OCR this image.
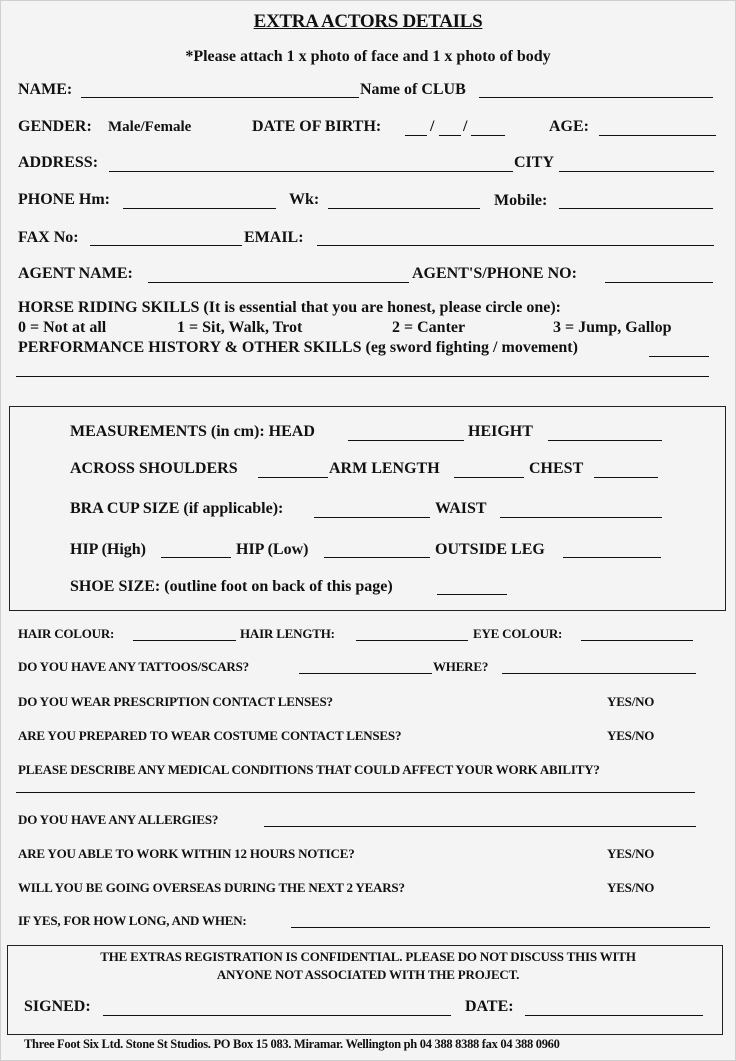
EXTRA ACTORS DETAILS
*Please attach 1 x photo of face and 1 x photo of body
NAME:	Name of CLUB
GENDER: Male/Female	DATE OF BIRTH:	/ /	AGE:
ADDRESS:	CITY
PHONE Hm:	Wk:	Mobile:
FAX No:	EMAIL:
AGENT NAME:	AGENT'S/PHONE NO:
HORSE RIDING SKILLS (It is essential that you are honest, please circle one):
0 = Not at all	1 = Sit, Walk, Trot	2 = Canter	3 = Jump, Gallop
PERFORMANCE HISTORY & OTHER SKILLS (eg sword fighting / movement)
MEASUREMENTS (in cm): HEAD	HEIGHT
ACROSS SHOULDERS	ARM LENGTH	CHEST
BRA CUP SIZE (if applicable):	WAIST
HIP (High)	HIP (Low)	OUTSIDE LEG
SHOE SIZE: (outline foot on back of this page)
HAIR COLOUR:	HAIR LENGTH:	EYE COLOUR:
DO YOU HAVE ANY TATTOOS/SCARS?	WHERE?
DO YOU WEAR PRESCRIPTION CONTACT LENSES?	YES/NO
ARE YOU PREPARED TO WEAR COSTUME CONTACT LENSES?	YES/NO
PLEASE DESCRIBE ANY MEDICAL CONDITIONS THAT COULD AFFECT YOUR WORK ABILITY?
DO YOU HAVE ANY ALLERGIES?
ARE YOU ABLE TO WORK WITHIN 12 HOURS NOTICE?	YES/NO
WILL YOU BE GOING OVERSEAS DURING THE NEXT 2 YEARS?	YES/NO
IF YES, FOR HOW LONG, AND WHEN:
THE EXTRAS REGISTRATION IS CONFIDENTIAL. PLEASE DO NOT DISCUSS THIS WITH
ANYONE NOT ASSOCIATED WITH THE PROJECT.
SIGNED:	DATE:
Three Foot Six Ltd. Stone St Studios. PO Box 15 083. Miramar. Wellington ph 04 388 8388 fax 04 388 0960
